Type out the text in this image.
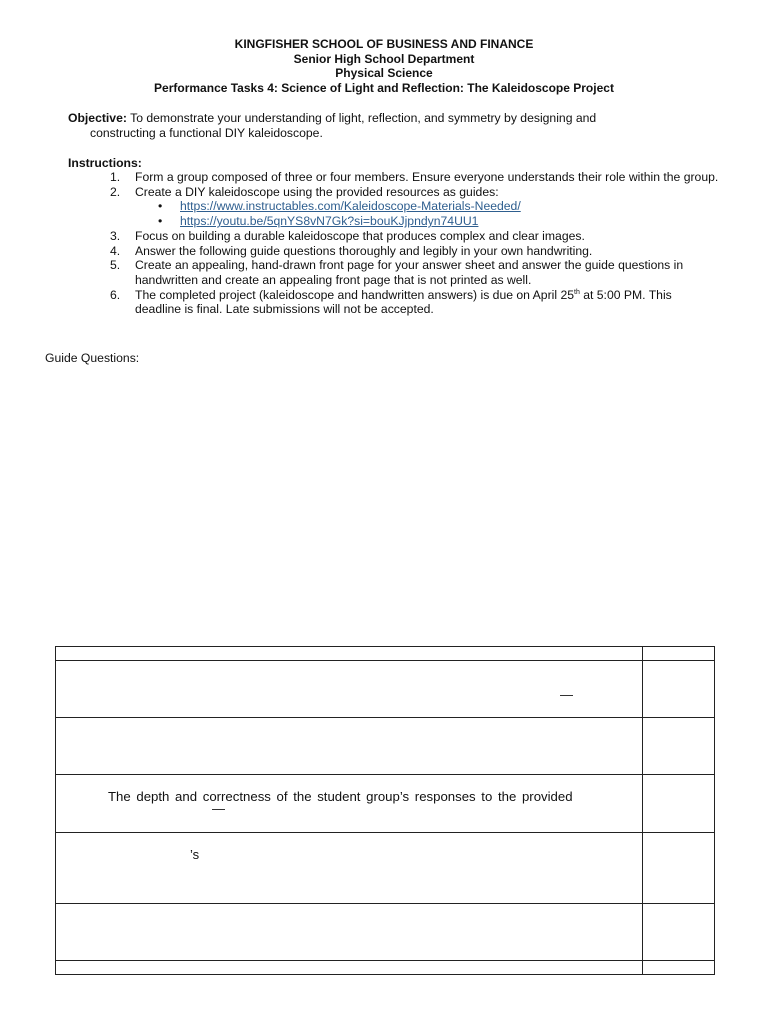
KINGFISHER SCHOOL OF BUSINESS AND FINANCE
Senior High School Department
Physical Science
Performance Tasks 4: Science of Light and Reflection: The Kaleidoscope Project
Objective: To demonstrate your understanding of light, reflection, and symmetry by designing and
constructing a functional DIY kaleidoscope.
Instructions:
1.	Form a group composed of three or four members. Ensure everyone understands their role within the group.
2.	Create a DIY kaleidoscope using the provided resources as guides:
•	https://www.instructables.com/Kaleidoscope-Materials-Needed/
•	https://youtu.be/5qnYS8vN7Gk?si=bouKJjpndyn74UU1
3.	Focus on building a durable kaleidoscope that produces complex and clear images.
4.	Answer the following guide questions thoroughly and legibly in your own handwriting.
5.	Create an appealing, hand-drawn front page for your answer sheet and answer the guide questions in handwritten and create an appealing front page that is not printed as well.
6.	The completed project (kaleidoscope and handwritten answers) is due on April 25th at 5:00 PM. This deadline is final. Late submissions will not be accepted.
Guide Questions:

—	

The depth and correctness of the student group’s responses to the provided
—	

’s	
